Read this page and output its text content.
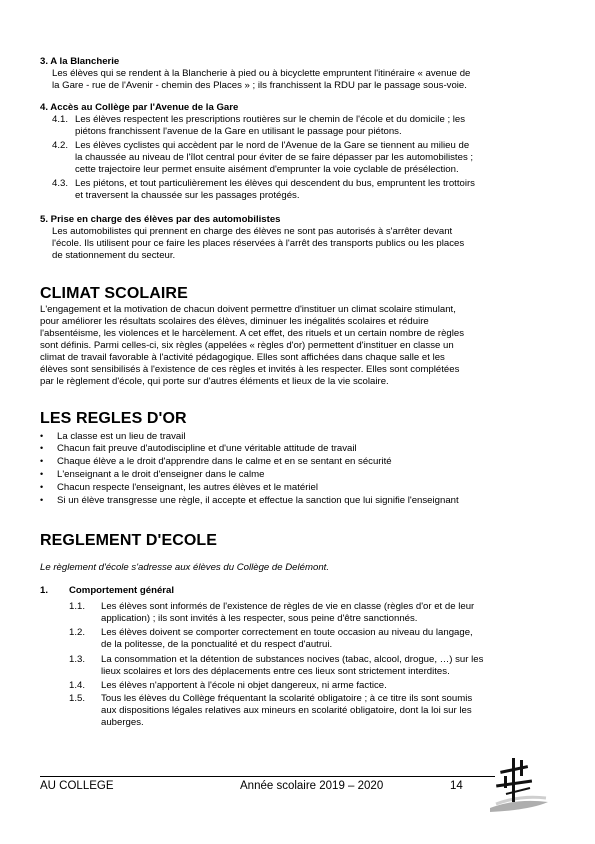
3. A la Blancherie
Les élèves qui se rendent à la Blancherie à pied ou à bicyclette empruntent l'itinéraire « avenue de
la Gare - rue de l'Avenir - chemin des Places » ; ils franchissent la RDU par le passage sous-voie.
4. Accès au Collège par l'Avenue de la Gare
4.1. Les élèves respectent les prescriptions routières sur le chemin de l'école et du domicile ; les
piétons franchissent l'avenue de la Gare en utilisant le passage pour piétons.
4.2. Les élèves cyclistes qui accèdent par le nord de l'Avenue de la Gare se tiennent au milieu de
la chaussée au niveau de l'îlot central pour éviter de se faire dépasser par les automobilistes ;
cette trajectoire leur permet ensuite aisément d'emprunter la voie cyclable de présélection.
4.3. Les piétons, et tout particulièrement les élèves qui descendent du bus, empruntent les trottoirs
et traversent la chaussée sur les passages protégés.
5. Prise en charge des élèves par des automobilistes
Les automobilistes qui prennent en charge des élèves ne sont pas autorisés à s'arrêter devant
l'école. Ils utilisent pour ce faire les places réservées à l'arrêt des transports publics ou les places
de stationnement du secteur.
CLIMAT SCOLAIRE
L'engagement et la motivation de chacun doivent permettre d'instituer un climat scolaire stimulant,
pour améliorer les résultats scolaires des élèves, diminuer les inégalités scolaires et réduire
l'absentéisme, les violences et le harcèlement. A cet effet, des rituels et un certain nombre de règles
sont définis. Parmi celles-ci, six règles (appelées « règles d'or) permettent d'instituer en classe un
climat de travail favorable à l'activité pédagogique. Elles sont affichées dans chaque salle et les
élèves sont sensibilisés à l'existence de ces règles et invités à les respecter. Elles sont complétées
par le règlement d'école, qui porte sur d'autres éléments et lieux de la vie scolaire.
LES REGLES D'OR
• La classe est un lieu de travail
• Chacun fait preuve d'autodiscipline et d'une véritable attitude de travail
• Chaque élève a le droit d'apprendre dans le calme et en se sentant en sécurité
• L'enseignant a le droit d'enseigner dans le calme
• Chacun respecte l'enseignant, les autres élèves et le matériel
• Si un élève transgresse une règle, il accepte et effectue la sanction que lui signifie l'enseignant
REGLEMENT D'ECOLE
Le règlement d'école s'adresse aux élèves du Collège de Delémont.
1. Comportement général
1.1. Les élèves sont informés de l'existence de règles de vie en classe (règles d'or et de leur
application) ; ils sont invités à les respecter, sous peine d'être sanctionnés.
1.2. Les élèves doivent se comporter correctement en toute occasion au niveau du langage,
de la politesse, de la ponctualité et du respect d'autrui.
1.3. La consommation et la détention de substances nocives (tabac, alcool, drogue, …) sur les
lieux scolaires et lors des déplacements entre ces lieux sont strictement interdites.
1.4. Les élèves n'apportent à l'école ni objet dangereux, ni arme factice.
1.5. Tous les élèves du Collège fréquentant la scolarité obligatoire ; à ce titre ils sont soumis
aux dispositions légales relatives aux mineurs en scolarité obligatoire, dont la loi sur les
auberges.
AU COLLEGE	Année scolaire 2019 – 2020	14
